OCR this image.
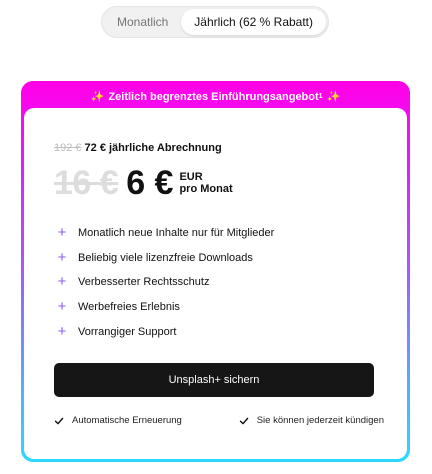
Monatlich	Jährlich (62 % Rabatt)
✨ Zeitlich begrenztes Einführungsangebot 1 ✨
192 € 72 € jährliche Abrechnung
16 € 6 € EUR
pro Monat
+	Monatlich neue Inhalte nur für Mitglieder
+	Beliebig viele lizenzfreie Downloads
+	Verbesserter Rechtsschutz
+	Werbefreies Erlebnis
+	Vorrangiger Support
Unsplash+ sichern
Automatische Erneuerung	Sie können jederzeit kündigen
